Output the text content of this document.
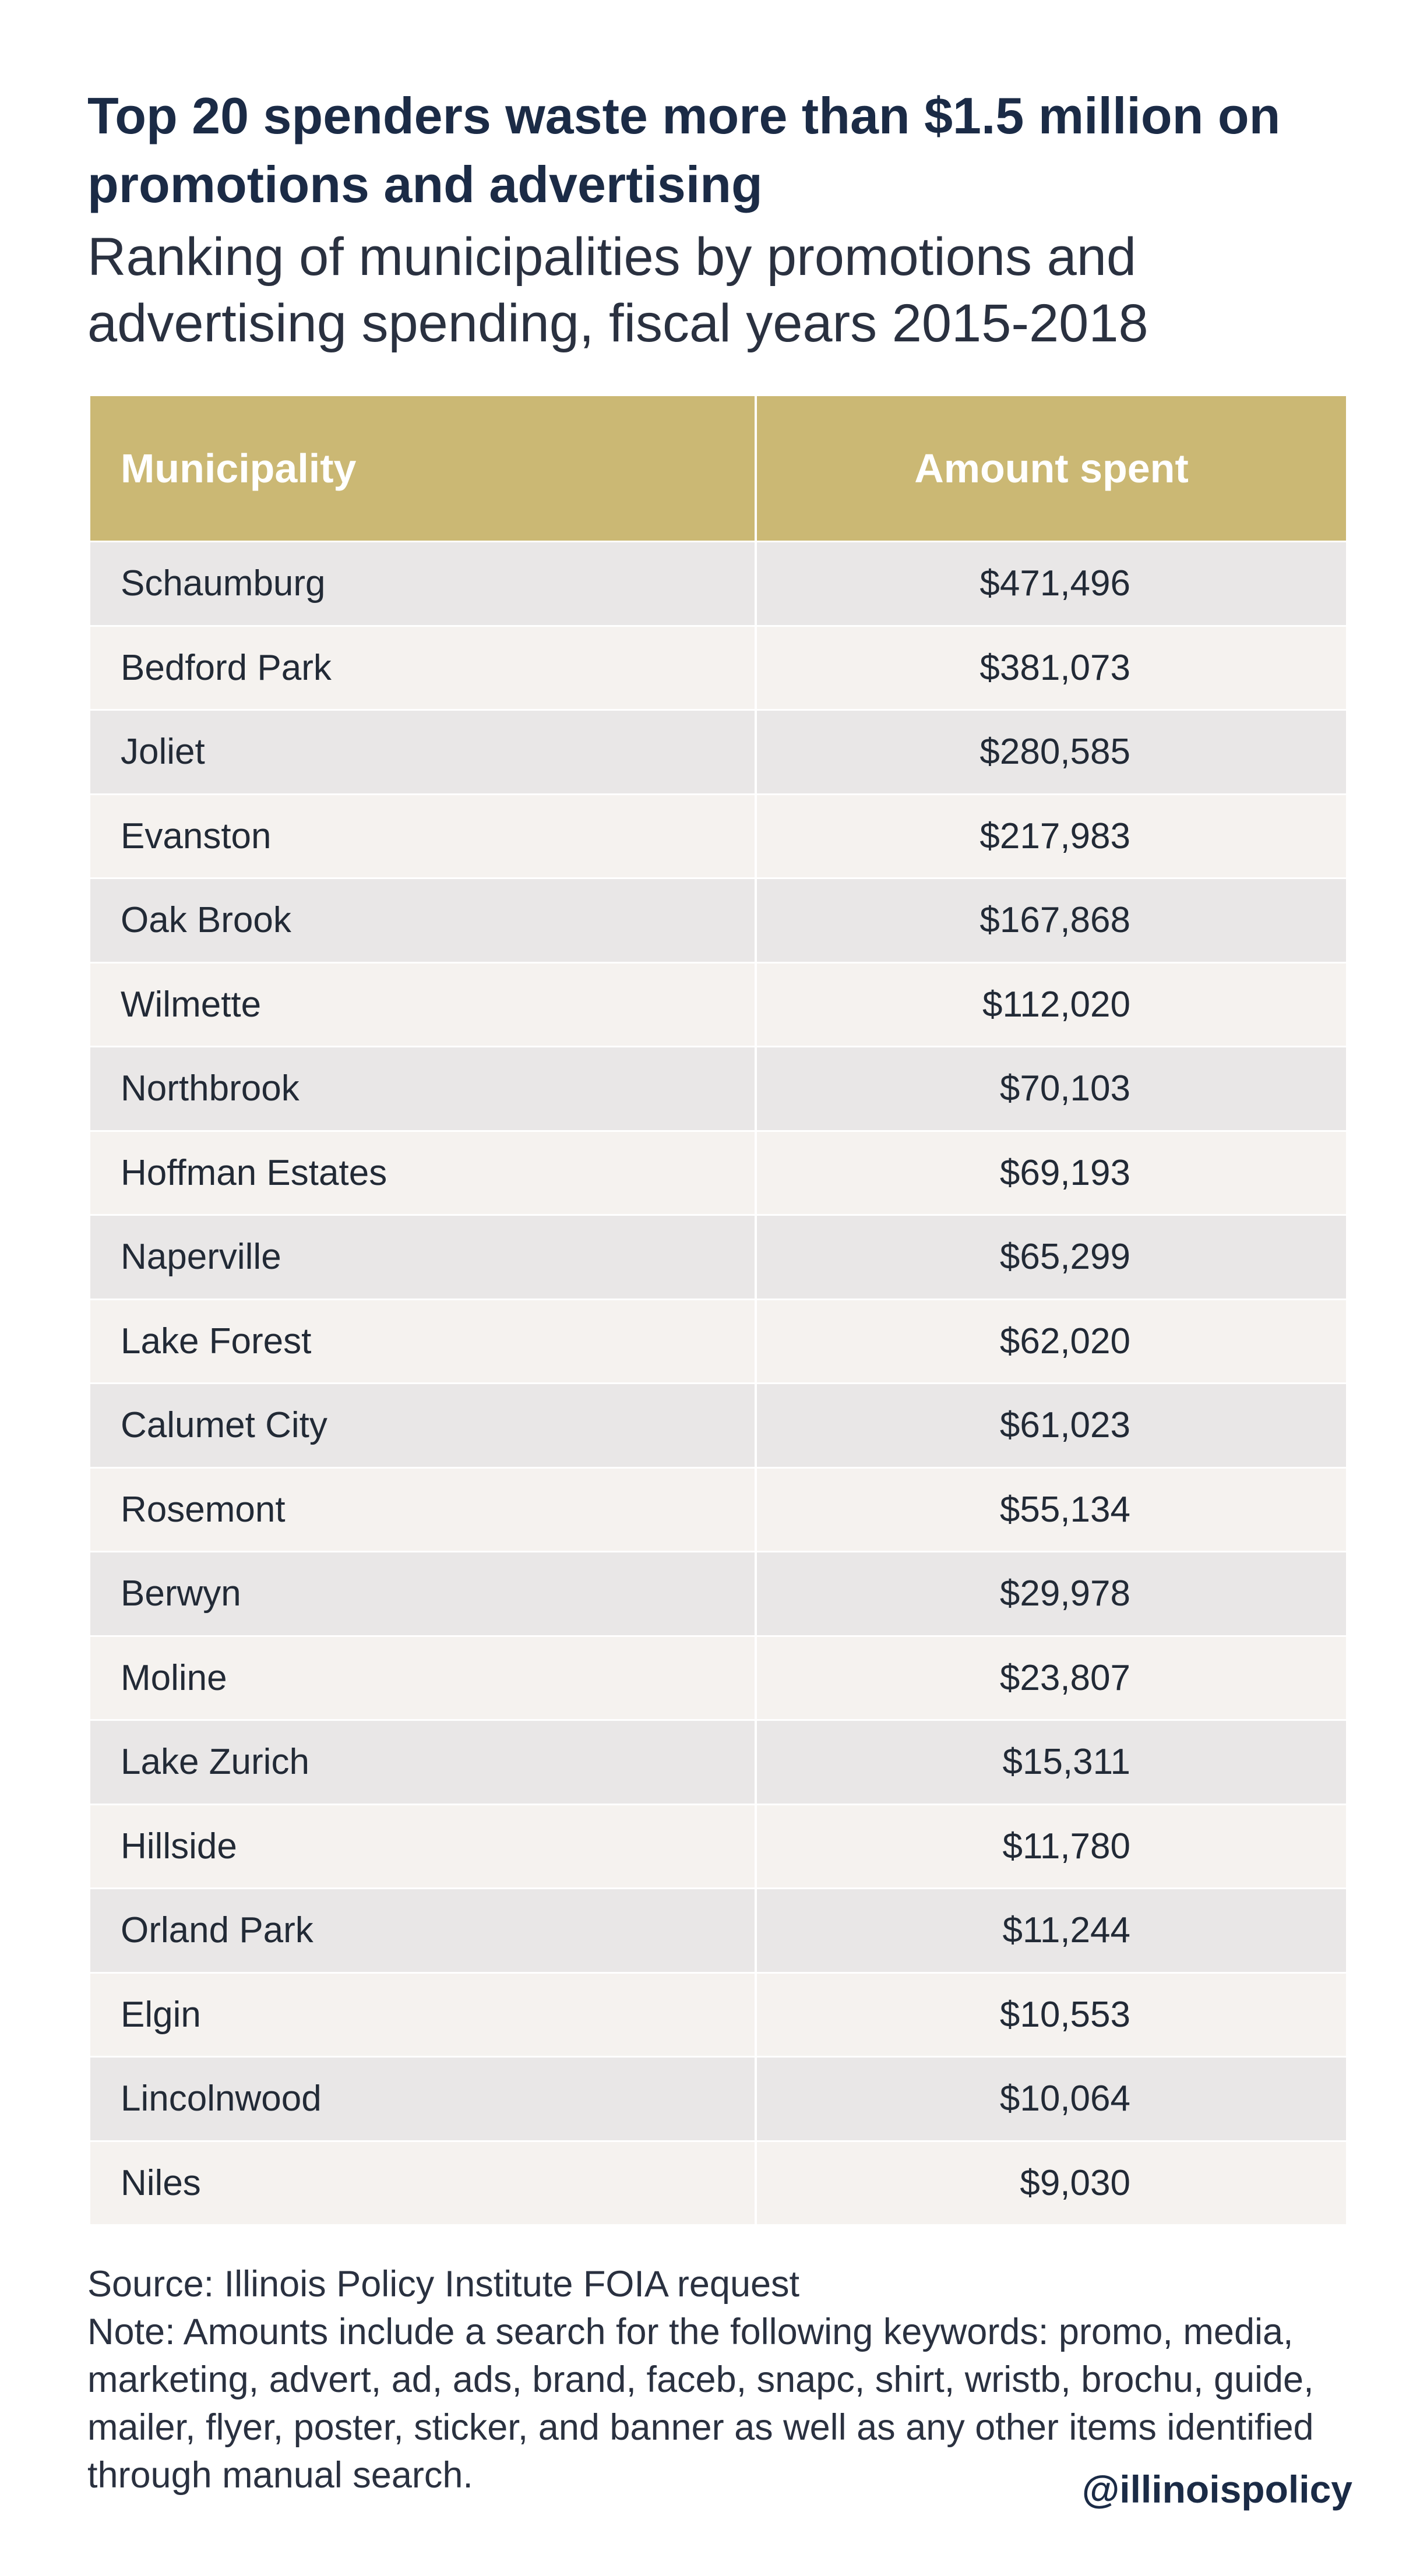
Top 20 spenders waste more than $1.5 million on promotions and advertising
Ranking of municipalities by promotions and advertising spending, fiscal years 2015-2018
Municipality	Amount spent
Schaumburg	$471,496
Bedford Park	$381,073
Joliet	$280,585
Evanston	$217,983
Oak Brook	$167,868
Wilmette	$112,020
Northbrook	$70,103
Hoffman Estates	$69,193
Naperville	$65,299
Lake Forest	$62,020
Calumet City	$61,023
Rosemont	$55,134
Berwyn	$29,978
Moline	$23,807
Lake Zurich	$15,311
Hillside	$11,780
Orland Park	$11,244
Elgin	$10,553
Lincolnwood	$10,064
Niles	$9,030

Source: Illinois Policy Institute FOIA request

Note: Amounts include a search for the following keywords: promo, media, marketing, advert, ad, ads, brand, faceb, snapc, shirt, wristb, brochu, guide, mailer, flyer, poster, sticker, and banner as well as any other items identified through manual search.	@illinoispolicy
